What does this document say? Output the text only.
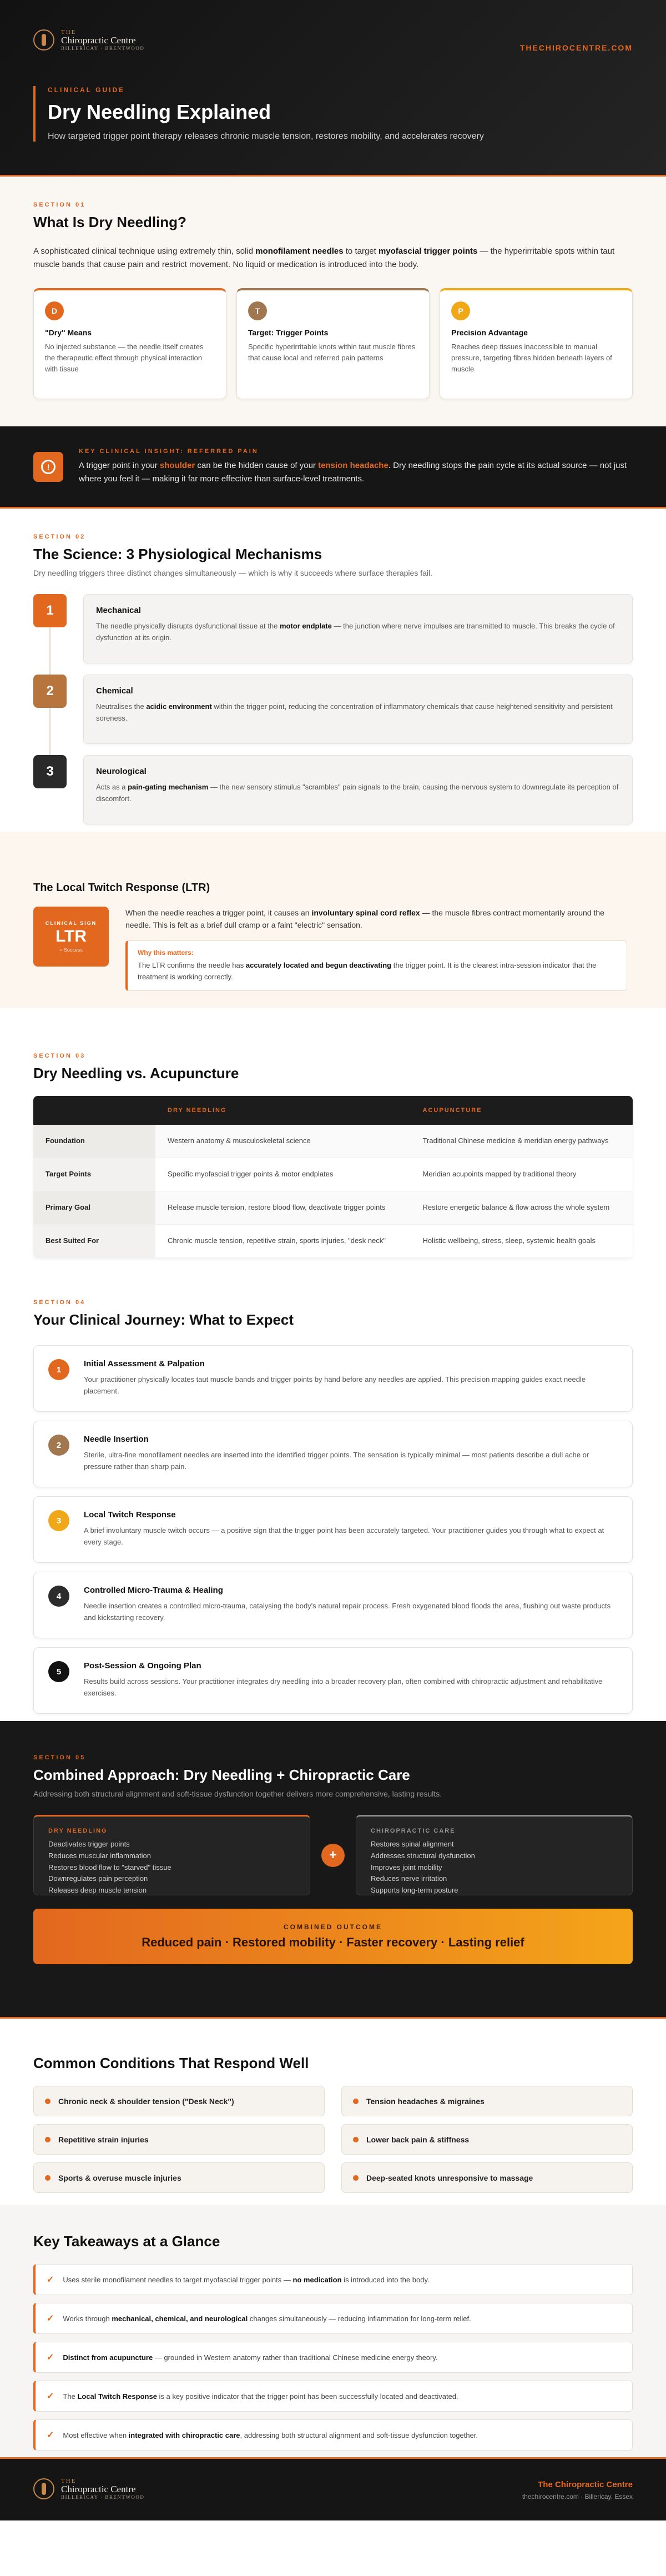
THE
Chiropractic Centre
BILLERICAY · BRENTWOOD	THECHIROCENTRE.COM
CLINICAL GUIDE
Dry Needling Explained

How targeted trigger point therapy releases chronic muscle tension, restores mobility, and accelerates recovery

SECTION 01
What Is Dry Needling?

A sophisticated clinical technique using extremely thin, solid monofilament needles to target myofascial trigger points — the hyperirritable spots within taut muscle bands that cause pain and restrict movement. No liquid or medication is introduced into the body.

D
"Dry" Means

No injected substance — the needle itself creates the therapeutic effect through physical interaction with tissue

T
Target: Trigger Points

Specific hyperirritable knots within taut muscle fibres that cause local and referred pain patterns

P
Precision Advantage

Reaches deep tissues inaccessible to manual pressure, targeting fibres hidden beneath layers of muscle

!
KEY CLINICAL INSIGHT: REFERRED PAIN

A trigger point in your shoulder can be the hidden cause of your tension headache. Dry needling stops the pain cycle at its actual source — not just where you feel it — making it far more effective than surface-level treatments.

SECTION 02
The Science: 3 Physiological Mechanisms

Dry needling triggers three distinct changes simultaneously — which is why it succeeds where surface therapies fail.

1	Mechanical

The needle physically disrupts dysfunctional tissue at the motor endplate — the junction where nerve impulses are transmitted to muscle. This breaks the cycle of dysfunction at its origin.

2	Chemical

Neutralises the acidic environment within the trigger point, reducing the concentration of inflammatory chemicals that cause heightened sensitivity and persistent soreness.

3	Neurological

Acts as a pain-gating mechanism — the new sensory stimulus "scrambles" pain signals to the brain, causing the nervous system to downregulate its perception of discomfort.

The Local Twitch Response (LTR)
CLINICAL SIGN
LTR
= Success

When the needle reaches a trigger point, it causes an involuntary spinal cord reflex — the muscle fibres contract momentarily around the needle. This is felt as a brief dull cramp or a faint "electric" sensation.

Why this matters:

The LTR confirms the needle has accurately located and begun deactivating the trigger point. It is the clearest intra-session indicator that the treatment is working correctly.

SECTION 03
Dry Needling vs. Acupuncture
	DRY NEEDLING	ACUPUNCTURE
Foundation	Western anatomy & musculoskeletal science	Traditional Chinese medicine & meridian energy pathways
Target Points	Specific myofascial trigger points & motor endplates	Meridian acupoints mapped by traditional theory
Primary Goal	Release muscle tension, restore blood flow, deactivate trigger points	Restore energetic balance & flow across the whole system
Best Suited For	Chronic muscle tension, repetitive strain, sports injuries, "desk neck"	Holistic wellbeing, stress, sleep, systemic health goals
SECTION 04
Your Clinical Journey: What to Expect
1
Initial Assessment & Palpation

Your practitioner physically locates taut muscle bands and trigger points by hand before any needles are applied. This precision mapping guides exact needle placement.

2
Needle Insertion

Sterile, ultra-fine monofilament needles are inserted into the identified trigger points. The sensation is typically minimal — most patients describe a dull ache or pressure rather than sharp pain.

3
Local Twitch Response

A brief involuntary muscle twitch occurs — a positive sign that the trigger point has been accurately targeted. Your practitioner guides you through what to expect at every stage.

4
Controlled Micro-Trauma & Healing

Needle insertion creates a controlled micro-trauma, catalysing the body's natural repair process. Fresh oxygenated blood floods the area, flushing out waste products and kickstarting recovery.

5
Post-Session & Ongoing Plan

Results build across sessions. Your practitioner integrates dry needling into a broader recovery plan, often combined with chiropractic adjustment and rehabilitative exercises.

SECTION 05
Combined Approach: Dry Needling + Chiropractic Care

Addressing both structural alignment and soft-tissue dysfunction together delivers more comprehensive, lasting results.

DRY NEEDLING
Deactivates trigger points
Reduces muscular inflammation
Restores blood flow to "starved" tissue
Downregulates pain perception
Releases deep muscle tension
+
CHIROPRACTIC CARE
Restores spinal alignment
Addresses structural dysfunction
Improves joint mobility
Reduces nerve irritation
Supports long-term posture
COMBINED OUTCOME
Reduced pain · Restored mobility · Faster recovery · Lasting relief
Common Conditions That Respond Well
Chronic neck & shoulder tension ("Desk Neck")	Tension headaches & migraines
Repetitive strain injuries	Lower back pain & stiffness
Sports & overuse muscle injuries	Deep-seated knots unresponsive to massage
Key Takeaways at a Glance
✓ Uses sterile monofilament needles to target myofascial trigger points — no medication is introduced into the body.
✓ Works through mechanical, chemical, and neurological changes simultaneously — reducing inflammation for long-term relief.
✓ Distinct from acupuncture — grounded in Western anatomy rather than traditional Chinese medicine energy theory.
✓ The Local Twitch Response is a key positive indicator that the trigger point has been successfully located and deactivated.
✓ Most effective when integrated with chiropractic care, addressing both structural alignment and soft-tissue dysfunction together.
THE
Chiropractic Centre
BILLERICAY · BRENTWOOD
The Chiropractic Centre
thechirocentre.com · Billericay, Essex
